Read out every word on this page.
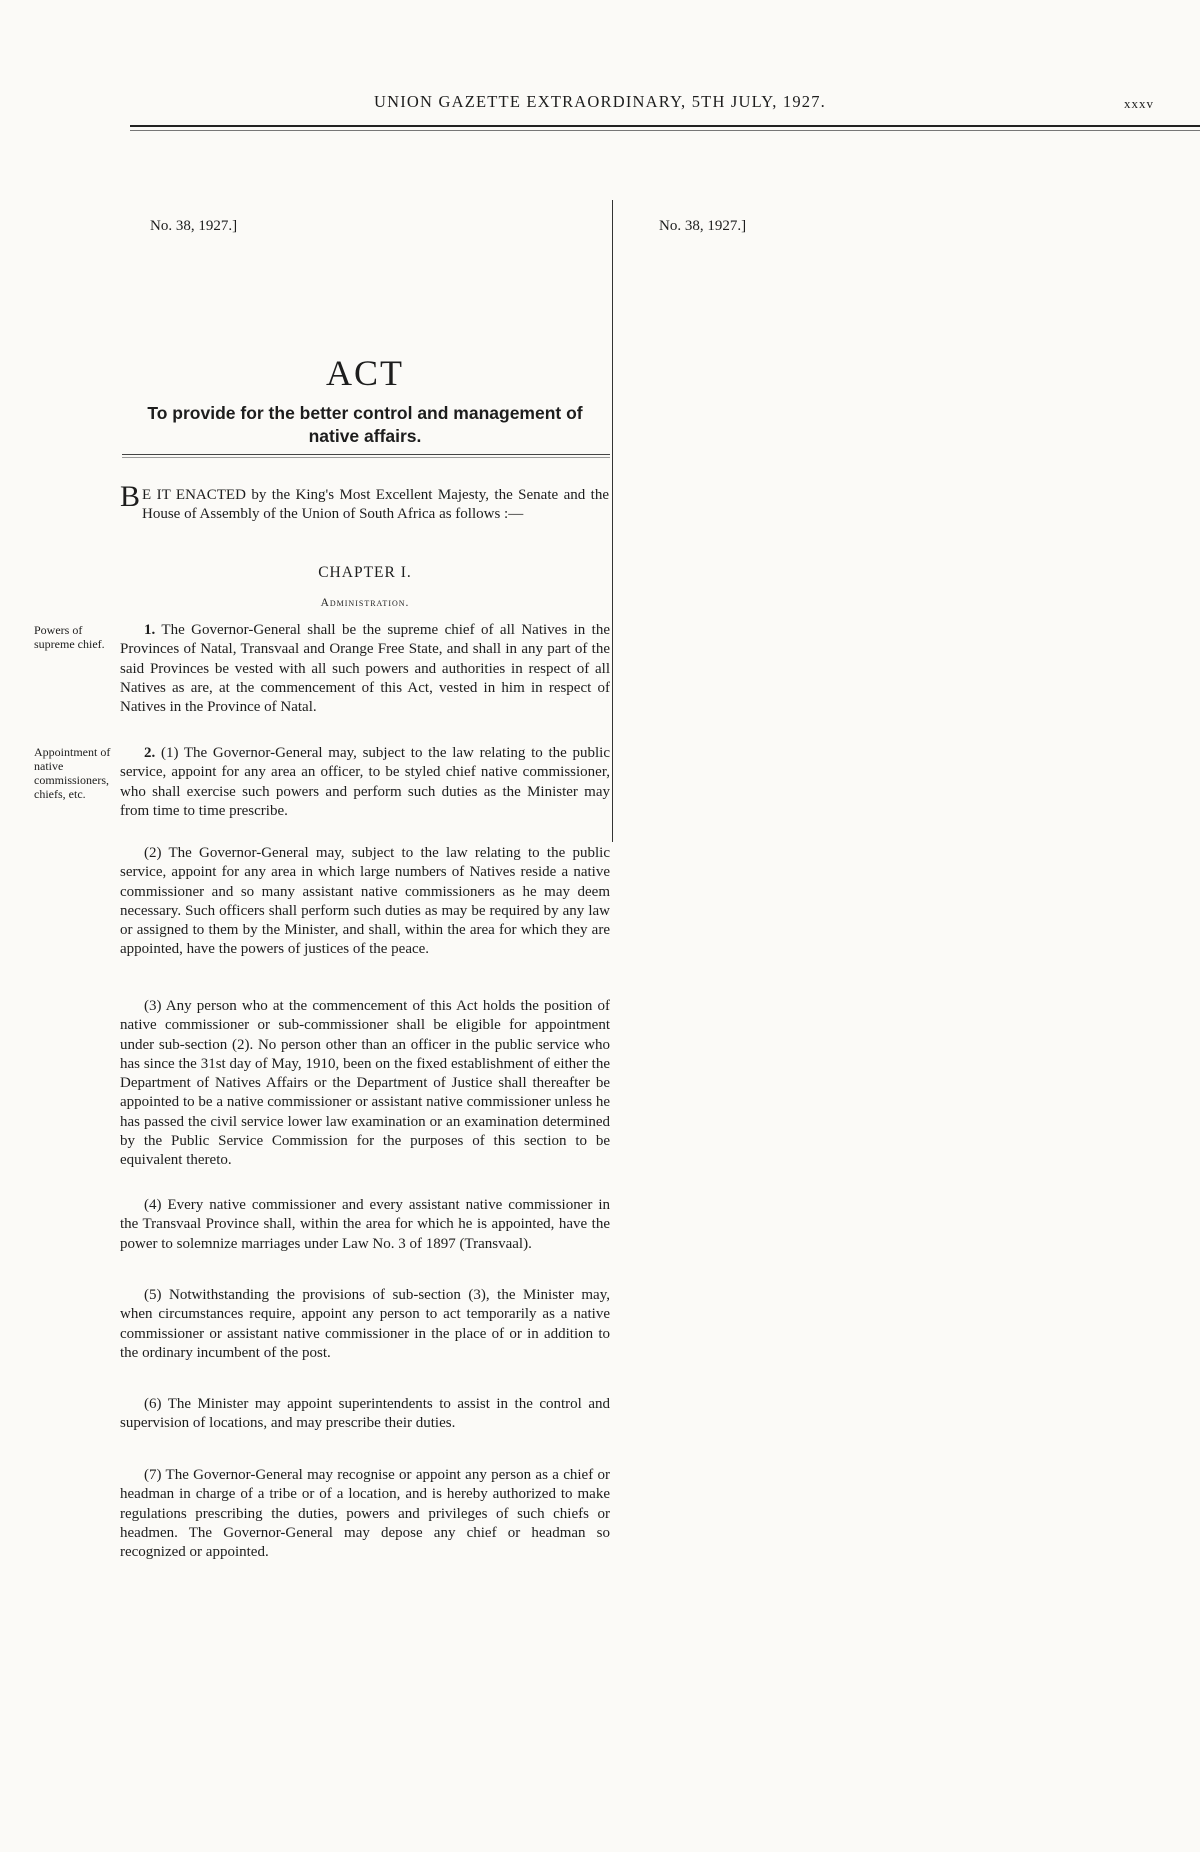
UNION GAZETTE EXTRAORDINARY, 5TH JULY, 1927.	xxxv
No. 38, 1927.]	No. 38, 1927.]
ACT
To provide for the better control and management of native affairs.
B E IT ENACTED by the King's Most Excellent Majesty, the Senate and the House of Assembly of the Union of South Africa as follows :—
CHAPTER I.
Administration.
Powers of supreme chief.
Appointment of native commissioners, chiefs, etc.

1. The Governor-General shall be the supreme chief of all Natives in the Provinces of Natal, Transvaal and Orange Free State, and shall in any part of the said Provinces be vested with all such powers and authorities in respect of all Natives as are, at the commencement of this Act, vested in him in respect of Natives in the Province of Natal.

2. (1) The Governor-General may, subject to the law relating to the public service, appoint for any area an officer, to be styled chief native commissioner, who shall exercise such powers and perform such duties as the Minister may from time to time prescribe.

(2) The Governor-General may, subject to the law relating to the public service, appoint for any area in which large numbers of Natives reside a native commissioner and so many assistant native commissioners as he may deem necessary. Such officers shall perform such duties as may be required by any law or assigned to them by the Minister, and shall, within the area for which they are appointed, have the powers of justices of the peace.

(3) Any person who at the commencement of this Act holds the position of native commissioner or sub-commissioner shall be eligible for appointment under sub-section (2). No person other than an officer in the public service who has since the 31st day of May, 1910, been on the fixed establishment of either the Department of Natives Affairs or the Department of Justice shall thereafter be appointed to be a native commissioner or assistant native commissioner unless he has passed the civil service lower law examination or an examination determined by the Public Service Commission for the purposes of this section to be equivalent thereto.

(4) Every native commissioner and every assistant native commissioner in the Transvaal Province shall, within the area for which he is appointed, have the power to solemnize marriages under Law No. 3 of 1897 (Transvaal).

(5) Notwithstanding the provisions of sub-section (3), the Minister may, when circumstances require, appoint any person to act temporarily as a native commissioner or assistant native commissioner in the place of or in addition to the ordinary incumbent of the post.

(6) The Minister may appoint superintendents to assist in the control and supervision of locations, and may prescribe their duties.

(7) The Governor-General may recognise or appoint any person as a chief or headman in charge of a tribe or of a location, and is hereby authorized to make regulations prescribing the duties, powers and privileges of such chiefs or headmen. The Governor-General may depose any chief or headman so recognized or appointed.
